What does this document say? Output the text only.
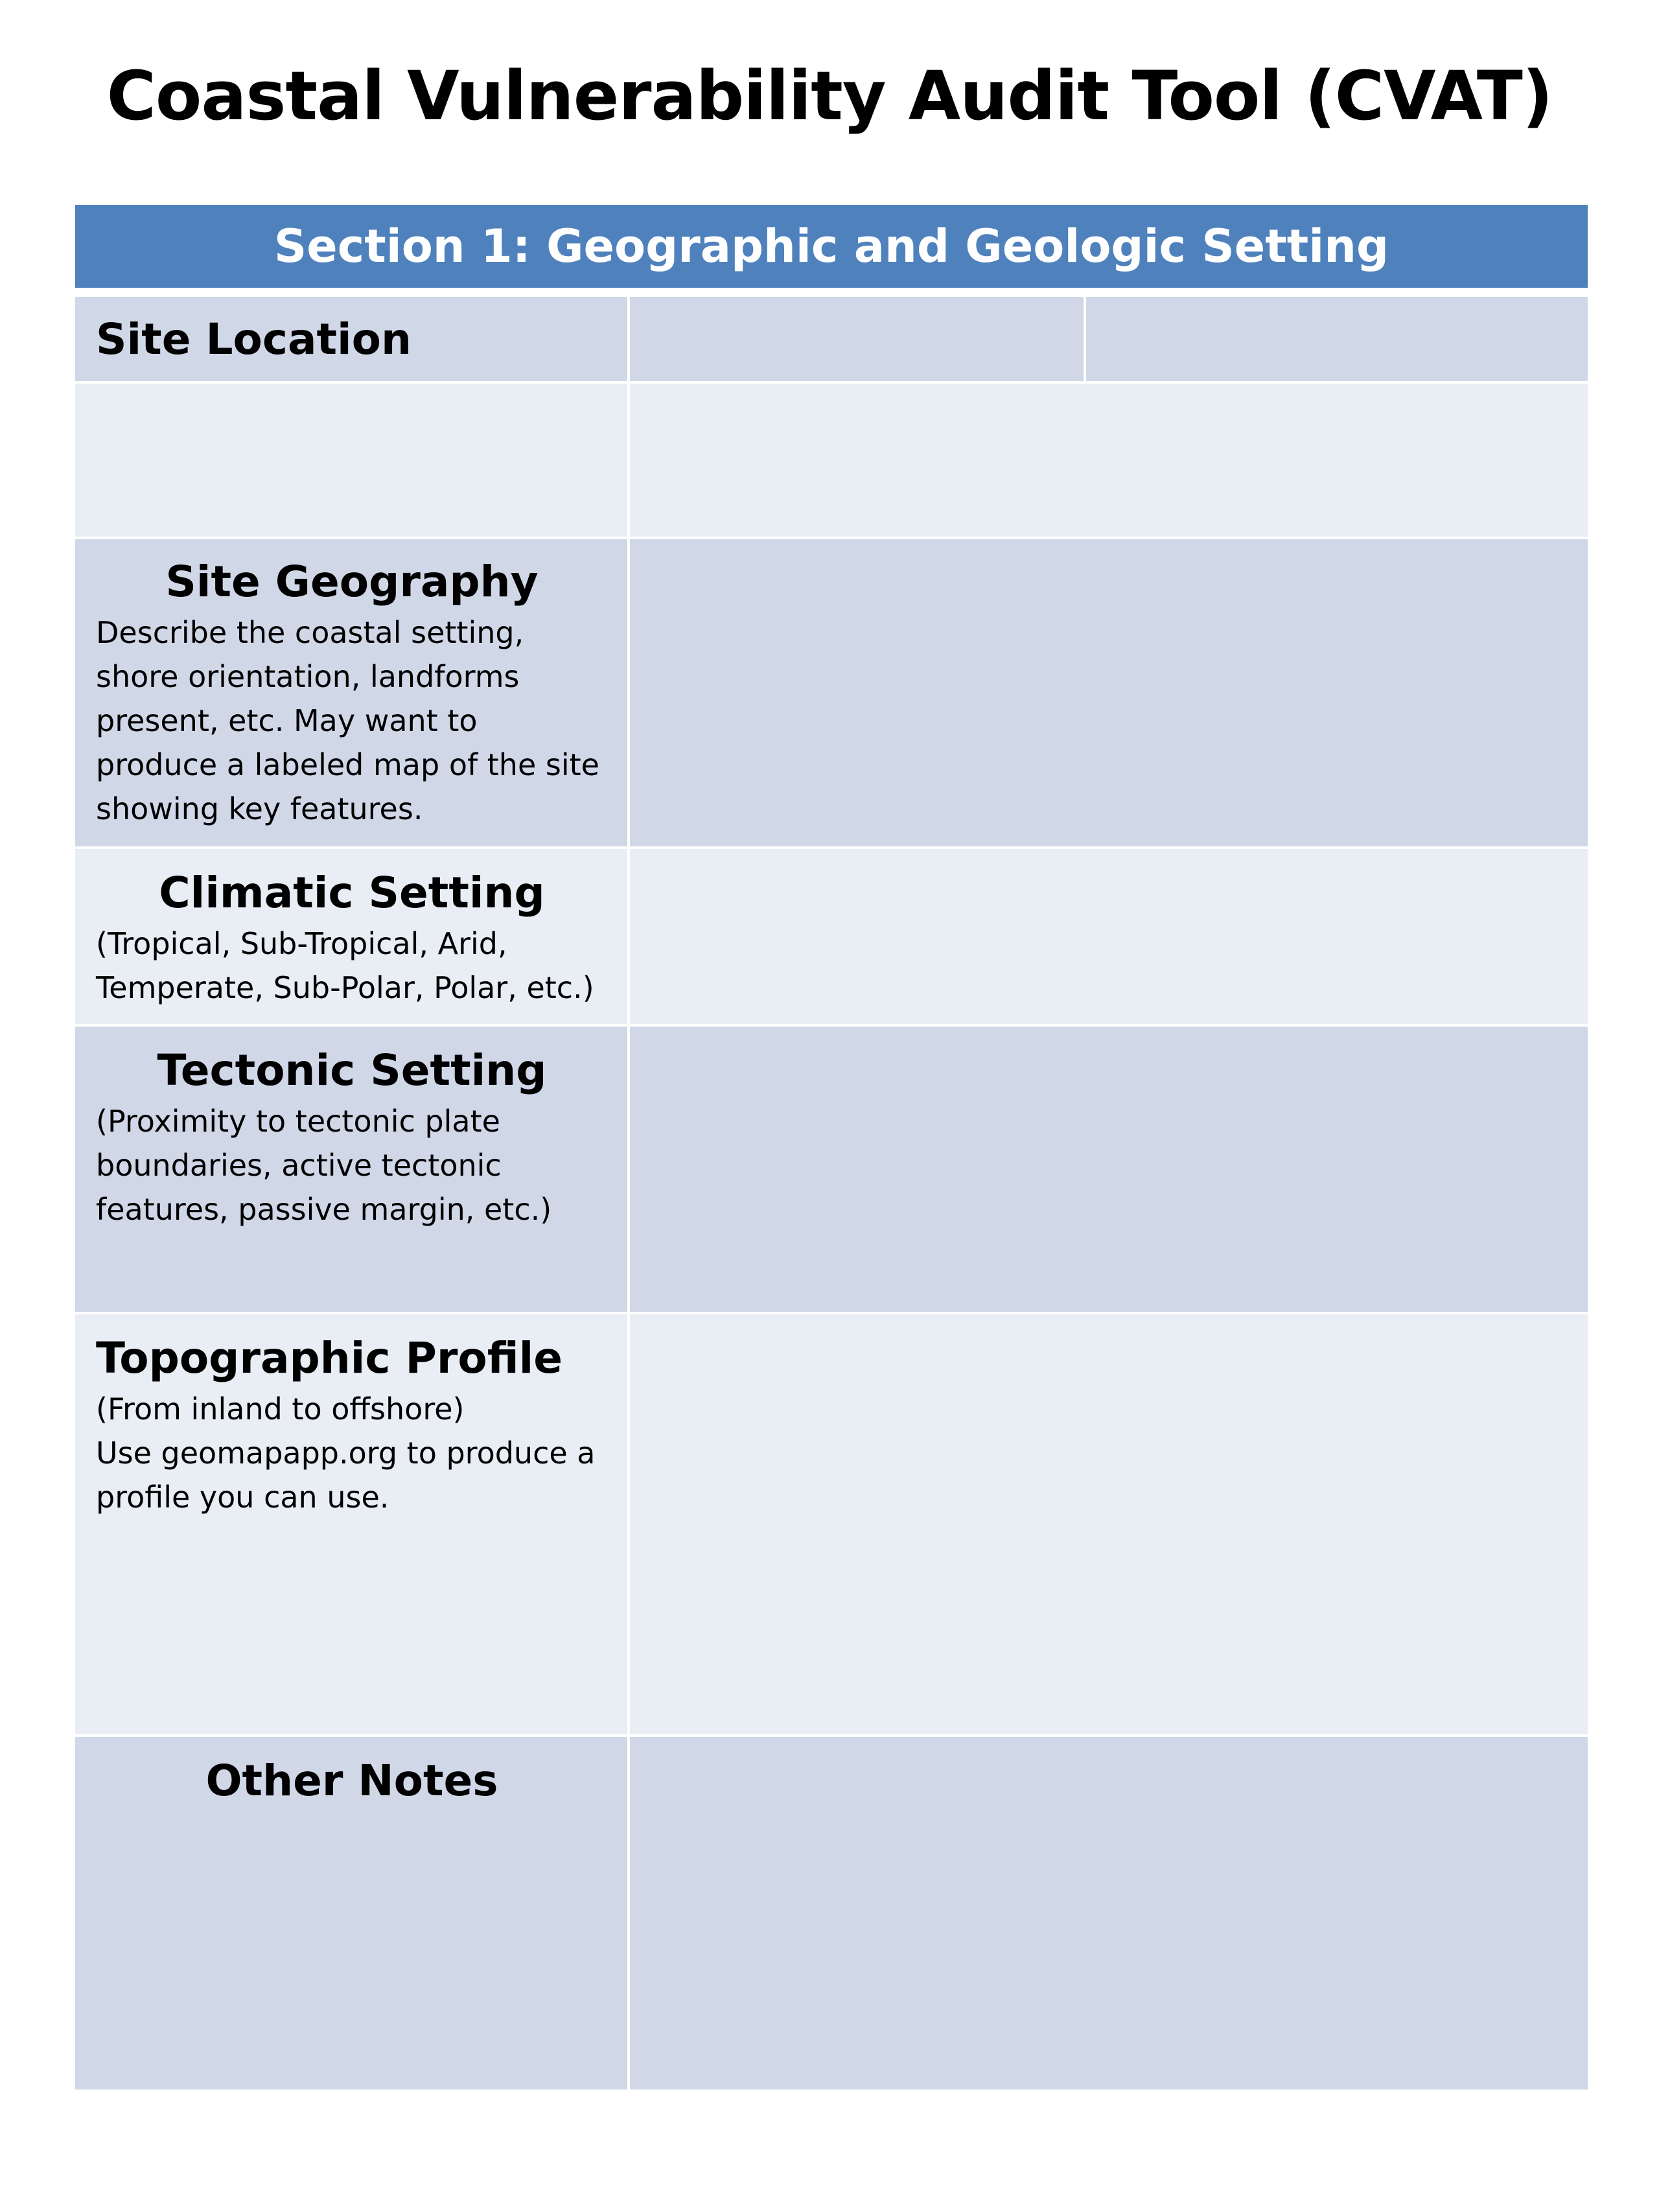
Coastal Vulnerability Audit Tool (CVAT)
Section 1: Geographic and Geologic Setting
Site Location
Site Geography

Describe the coastal setting, shore orientation, landforms present, etc. May want to produce a labeled map of the site showing key features.

Climatic Setting

(Tropical, Sub-Tropical, Arid, Temperate, Sub-Polar, Polar, etc.)

Tectonic Setting

(Proximity to tectonic plate boundaries, active tectonic features, passive margin, etc.)

Topographic Profile

(From inland to offshore)

Use geomapapp.org to produce a profile you can use.

Other Notes
